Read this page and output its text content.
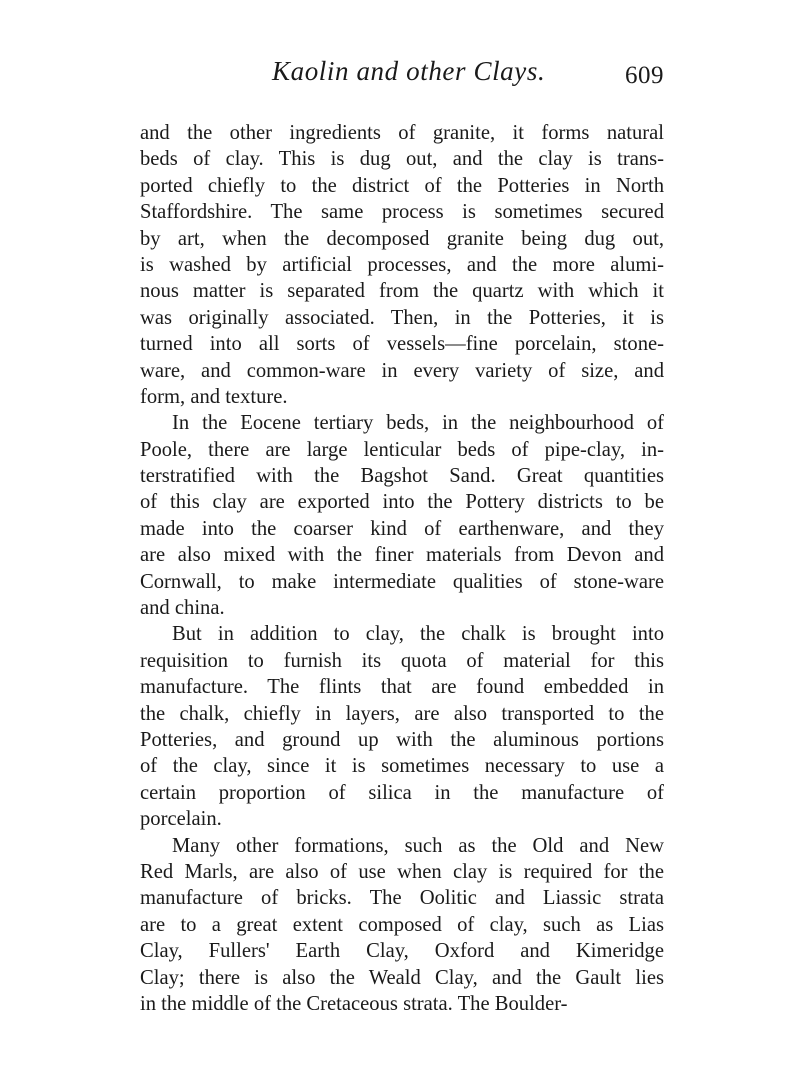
Kaolin and other Clays.	609
and the other ingredients of granite, it forms natural
beds of clay. This is dug out, and the clay is trans-
ported chiefly to the district of the Potteries in North
Staffordshire. The same process is sometimes secured
by art, when the decomposed granite being dug out,
is washed by artificial processes, and the more alumi-
nous matter is separated from the quartz with which it
was originally associated. Then, in the Potteries, it is
turned into all sorts of vessels—fine porcelain, stone-
ware, and common-ware in every variety of size, and
form, and texture.
In the Eocene tertiary beds, in the neighbourhood of
Poole, there are large lenticular beds of pipe-clay, in-
terstratified with the Bagshot Sand. Great quantities
of this clay are exported into the Pottery districts to be
made into the coarser kind of earthenware, and they
are also mixed with the finer materials from Devon and
Cornwall, to make intermediate qualities of stone-ware
and china.
But in addition to clay, the chalk is brought into
requisition to furnish its quota of material for this
manufacture. The flints that are found embedded in
the chalk, chiefly in layers, are also transported to the
Potteries, and ground up with the aluminous portions
of the clay, since it is sometimes necessary to use a
certain proportion of silica in the manufacture of
porcelain.
Many other formations, such as the Old and New
Red Marls, are also of use when clay is required for the
manufacture of bricks. The Oolitic and Liassic strata
are to a great extent composed of clay, such as Lias
Clay, Fullers' Earth Clay, Oxford and Kimeridge
Clay; there is also the Weald Clay, and the Gault lies
in the middle of the Cretaceous strata. The Boulder-
